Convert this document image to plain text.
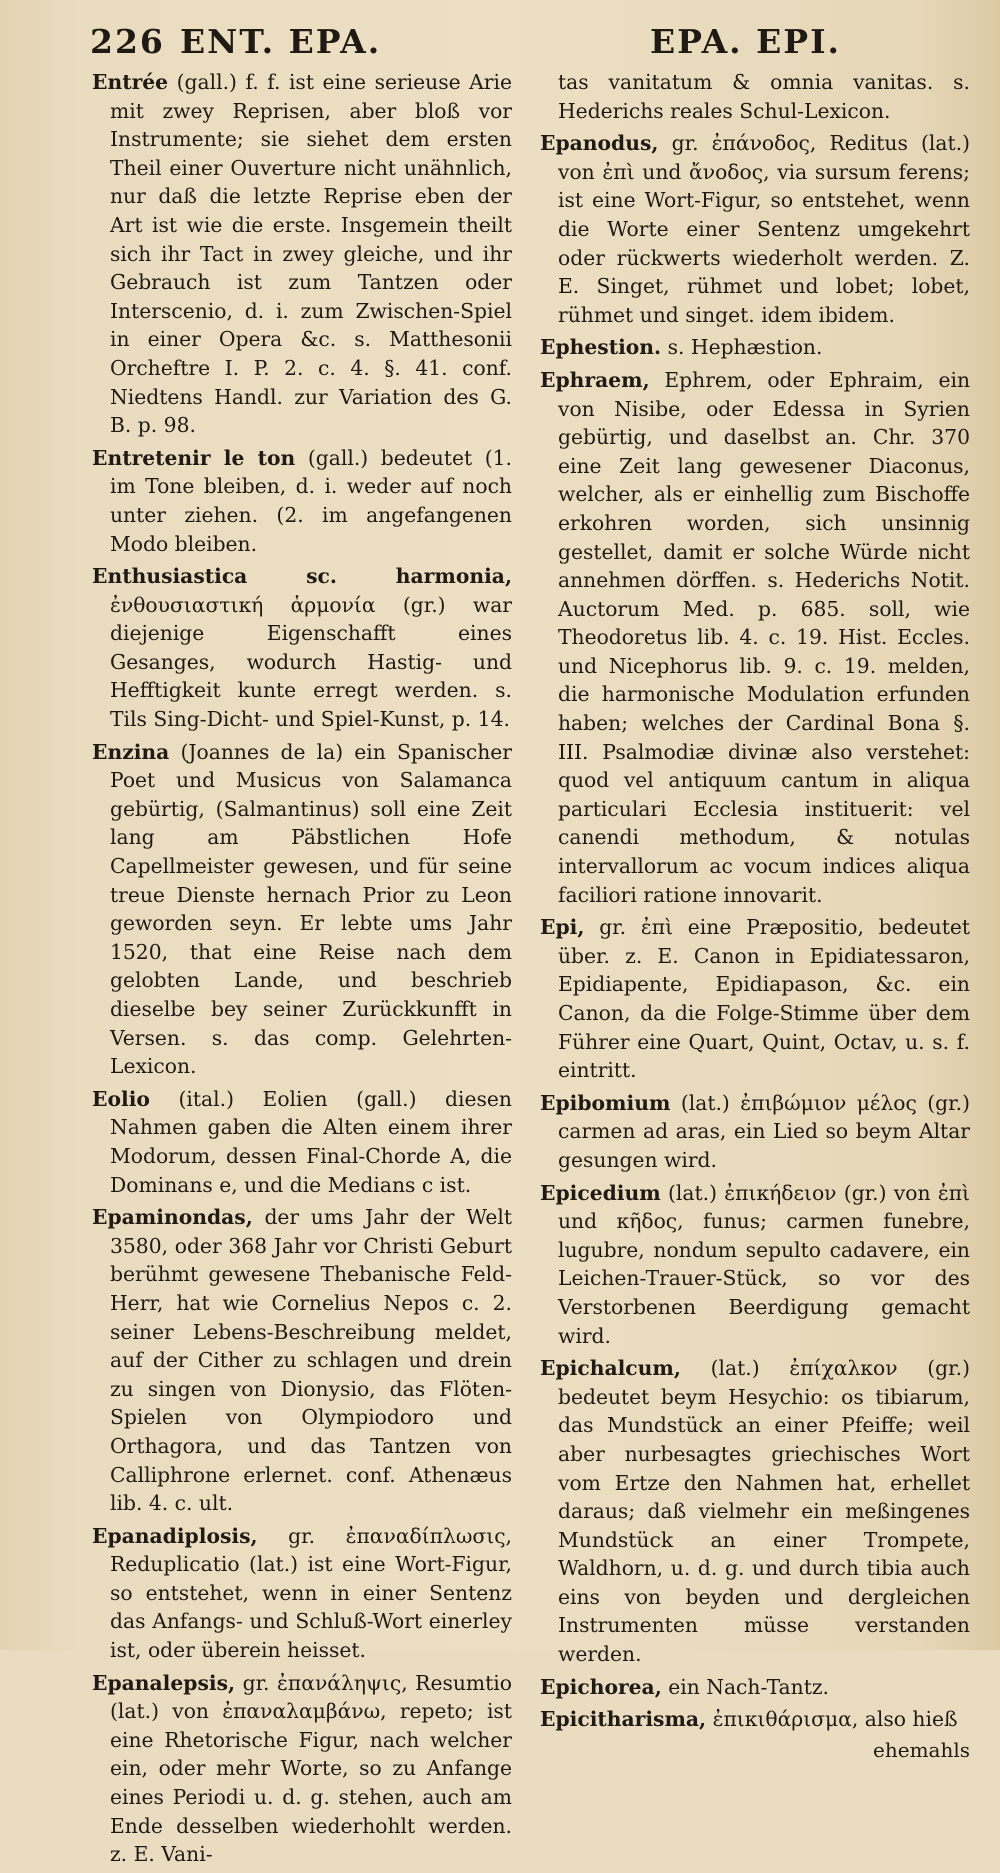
226 ENT. EPA.	EPA. EPI.
Entrée (gall.) f. f. ist eine serieuse Arie mit zwey Reprisen, aber bloß vor Instrumente; sie siehet dem ersten Theil einer Ouverture nicht unähnlich, nur daß die letzte Reprise eben der Art ist wie die erste. Insgemein theilt sich ihr Tact in zwey gleiche, und ihr Gebrauch ist zum Tantzen oder Interscenio, d. i. zum Zwischen-Spiel in einer Opera &c. s. Matthesonii Orcheftre I. P. 2. c. 4. §. 41. conf. Niedtens Handl. zur Variation des G. B. p. 98.
Entretenir le ton (gall.) bedeutet (1. im Tone bleiben, d. i. weder auf noch unter ziehen. (2. im angefangenen Modo bleiben.
Enthusiastica sc. harmonia, ἐνθουσιαστική ἁρμονία (gr.) war diejenige Eigenschafft eines Gesanges, wodurch Hastig- und Hefftigkeit kunte erregt werden. s. Tils Sing-Dicht- und Spiel-Kunst, p. 14.
Enzina (Joannes de la) ein Spanischer Poet und Musicus von Salamanca gebürtig, (Salmantinus) soll eine Zeit lang am Päbstlichen Hofe Capellmeister gewesen, und für seine treue Dienste hernach Prior zu Leon geworden seyn. Er lebte ums Jahr 1520, that eine Reise nach dem gelobten Lande, und beschrieb dieselbe bey seiner Zurückkunfft in Versen. s. das comp. Gelehrten-Lexicon.
Eolio (ital.) Eolien (gall.) diesen Nahmen gaben die Alten einem ihrer Modorum, dessen Final-Chorde A, die Dominans e, und die Medians c ist.
Epaminondas, der ums Jahr der Welt 3580, oder 368 Jahr vor Christi Geburt berühmt gewesene Thebanische Feld-Herr, hat wie Cornelius Nepos c. 2. seiner Lebens-Beschreibung meldet, auf der Cither zu schlagen und drein zu singen von Dionysio, das Flöten-Spielen von Olympiodoro und Orthagora, und das Tantzen von Calliphrone erlernet. conf. Athenæus lib. 4. c. ult.
Epanadiplosis, gr. ἐπαναδίπλωσις, Reduplicatio (lat.) ist eine Wort-Figur, so entstehet, wenn in einer Sentenz das Anfangs- und Schluß-Wort einerley ist, oder überein heisset.
Epanalepsis, gr. ἐπανάληψις, Resumtio (lat.) von ἐπαναλαμβάνω, repeto; ist eine Rhetorische Figur, nach welcher ein, oder mehr Worte, so zu Anfange eines Periodi u. d. g. stehen, auch am Ende desselben wiederhohlt werden. z. E. Vani-
tas vanitatum & omnia vanitas. s. Hederichs reales Schul-Lexicon.
Epanodus, gr. ἐπάνοδος, Reditus (lat.) von ἐπὶ und ἄνοδος, via sursum ferens; ist eine Wort-Figur, so entstehet, wenn die Worte einer Sentenz umgekehrt oder rückwerts wiederholt werden. Z. E. Singet, rühmet und lobet; lobet, rühmet und singet. idem ibidem.
Ephestion. s. Hephæstion.
Ephraem, Ephrem, oder Ephraim, ein von Nisibe, oder Edessa in Syrien gebürtig, und daselbst an. Chr. 370 eine Zeit lang gewesener Diaconus, welcher, als er einhellig zum Bischoffe erkohren worden, sich unsinnig gestellet, damit er solche Würde nicht annehmen dörffen. s. Hederichs Notit. Auctorum Med. p. 685. soll, wie Theodoretus lib. 4. c. 19. Hist. Eccles. und Nicephorus lib. 9. c. 19. melden, die harmonische Modulation erfunden haben; welches der Cardinal Bona §. III. Psalmodiæ divinæ also verstehet: quod vel antiquum cantum in aliqua particulari Ecclesia instituerit: vel canendi methodum, & notulas intervallorum ac vocum indices aliqua faciliori ratione innovarit.
Epi, gr. ἐπὶ eine Præpositio, bedeutet über. z. E. Canon in Epidiatessaron, Epidiapente, Epidiapason, &c. ein Canon, da die Folge-Stimme über dem Führer eine Quart, Quint, Octav, u. s. f. eintritt.
Epibomium (lat.) ἐπιβώμιον μέλος (gr.) carmen ad aras, ein Lied so beym Altar gesungen wird.
Epicedium (lat.) ἐπικήδειον (gr.) von ἐπὶ und κῆδος, funus; carmen funebre, lugubre, nondum sepulto cadavere, ein Leichen-Trauer-Stück, so vor des Verstorbenen Beerdigung gemacht wird.
Epichalcum, (lat.) ἐπίχαλκον (gr.) bedeutet beym Hesychio: os tibiarum, das Mundstück an einer Pfeiffe; weil aber nurbesagtes griechisches Wort vom Ertze den Nahmen hat, erhellet daraus; daß vielmehr ein meßingenes Mundstück an einer Trompete, Waldhorn, u. d. g. und durch tibia auch eins von beyden und dergleichen Instrumenten müsse verstanden werden.
Epichorea, ein Nach-Tantz.
Epicitharisma, ἐπικιθάρισμα, also hieß
ehemahls
